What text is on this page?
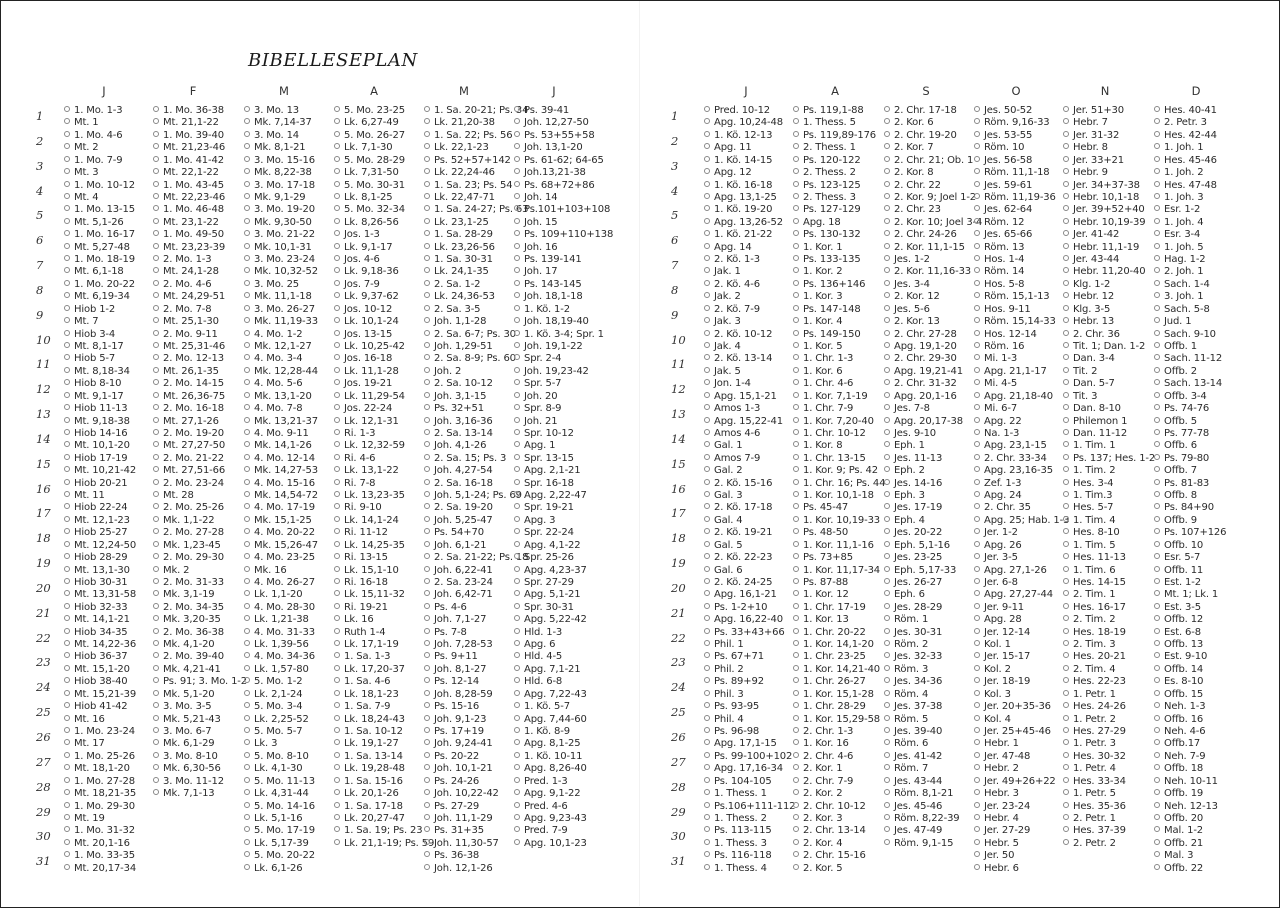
BIBELLESEPLAN
1
2
3
4
5
6
7
8
9
10
11
12
13
14
15
16
17
18
19
20
21
22
23
24
25
26
27
28
29
30
31
J
1. Mo. 1-3
Mt. 1
1. Mo. 4-6
Mt. 2
1. Mo. 7-9
Mt. 3
1. Mo. 10-12
Mt. 4
1. Mo. 13-15
Mt. 5,1-26
1. Mo. 16-17
Mt. 5,27-48
1. Mo. 18-19
Mt. 6,1-18
1. Mo. 20-22
Mt. 6,19-34
Hiob 1-2
Mt. 7
Hiob 3-4
Mt. 8,1-17
Hiob 5-7
Mt. 8,18-34
Hiob 8-10
Mt. 9,1-17
Hiob 11-13
Mt. 9,18-38
Hiob 14-16
Mt. 10,1-20
Hiob 17-19
Mt. 10,21-42
Hiob 20-21
Mt. 11
Hiob 22-24
Mt. 12,1-23
Hiob 25-27
Mt. 12,24-50
Hiob 28-29
Mt. 13,1-30
Hiob 30-31
Mt. 13,31-58
Hiob 32-33
Mt. 14,1-21
Hiob 34-35
Mt. 14,22-36
Hiob 36-37
Mt. 15,1-20
Hiob 38-40
Mt. 15,21-39
Hiob 41-42
Mt. 16
1. Mo. 23-24
Mt. 17
1. Mo. 25-26
Mt. 18,1-20
1. Mo. 27-28
Mt. 18,21-35
1. Mo. 29-30
Mt. 19
1. Mo. 31-32
Mt. 20,1-16
1. Mo. 33-35
Mt. 20,17-34
F
1. Mo. 36-38
Mt. 21,1-22
1. Mo. 39-40
Mt. 21,23-46
1. Mo. 41-42
Mt. 22,1-22
1. Mo. 43-45
Mt. 22,23-46
1. Mo. 46-48
Mt. 23,1-22
1. Mo. 49-50
Mt. 23,23-39
2. Mo. 1-3
Mt. 24,1-28
2. Mo. 4-6
Mt. 24,29-51
2. Mo. 7-8
Mt. 25,1-30
2. Mo. 9-11
Mt. 25,31-46
2. Mo. 12-13
Mt. 26,1-35
2. Mo. 14-15
Mt. 26,36-75
2. Mo. 16-18
Mt. 27,1-26
2. Mo. 19-20
Mt. 27,27-50
2. Mo. 21-22
Mt. 27,51-66
2. Mo. 23-24
Mt. 28
2. Mo. 25-26
Mk. 1,1-22
2. Mo. 27-28
Mk. 1,23-45
2. Mo. 29-30
Mk. 2
2. Mo. 31-33
Mk. 3,1-19
2. Mo. 34-35
Mk. 3,20-35
2. Mo. 36-38
Mk. 4,1-20
2. Mo. 39-40
Mk. 4,21-41
Ps. 91; 3. Mo. 1-2
Mk. 5,1-20
3. Mo. 3-5
Mk. 5,21-43
3. Mo. 6-7
Mk. 6,1-29
3. Mo. 8-10
Mk. 6,30-56
3. Mo. 11-12
Mk. 7,1-13
M
3. Mo. 13
Mk. 7,14-37
3. Mo. 14
Mk. 8,1-21
3. Mo. 15-16
Mk. 8,22-38
3. Mo. 17-18
Mk. 9,1-29
3. Mo. 19-20
Mk. 9,30-50
3. Mo. 21-22
Mk. 10,1-31
3. Mo. 23-24
Mk. 10,32-52
3. Mo. 25
Mk. 11,1-18
3. Mo. 26-27
Mk. 11,19-33
4. Mo. 1-2
Mk. 12,1-27
4. Mo. 3-4
Mk. 12,28-44
4. Mo. 5-6
Mk. 13,1-20
4. Mo. 7-8
Mk. 13,21-37
4. Mo. 9-11
Mk. 14,1-26
4. Mo. 12-14
Mk. 14,27-53
4. Mo. 15-16
Mk. 14,54-72
4. Mo. 17-19
Mk. 15,1-25
4. Mo. 20-22
Mk. 15,26-47
4. Mo. 23-25
Mk. 16
4. Mo. 26-27
Lk. 1,1-20
4. Mo. 28-30
Lk. 1,21-38
4. Mo. 31-33
Lk. 1,39-56
4. Mo. 34-36
Lk. 1,57-80
5. Mo. 1-2
Lk. 2,1-24
5. Mo. 3-4
Lk. 2,25-52
5. Mo. 5-7
Lk. 3
5. Mo. 8-10
Lk. 4,1-30
5. Mo. 11-13
Lk. 4,31-44
5. Mo. 14-16
Lk. 5,1-16
5. Mo. 17-19
Lk. 5,17-39
5. Mo. 20-22
Lk. 6,1-26
A
5. Mo. 23-25
Lk. 6,27-49
5. Mo. 26-27
Lk. 7,1-30
5. Mo. 28-29
Lk. 7,31-50
5. Mo. 30-31
Lk. 8,1-25
5. Mo. 32-34
Lk. 8,26-56
Jos. 1-3
Lk. 9,1-17
Jos. 4-6
Lk. 9,18-36
Jos. 7-9
Lk. 9,37-62
Jos. 10-12
Lk. 10,1-24
Jos. 13-15
Lk. 10,25-42
Jos. 16-18
Lk. 11,1-28
Jos. 19-21
Lk. 11,29-54
Jos. 22-24
Lk. 12,1-31
Ri. 1-3
Lk. 12,32-59
Ri. 4-6
Lk. 13,1-22
Ri. 7-8
Lk. 13,23-35
Ri. 9-10
Lk. 14,1-24
Ri. 11-12
Lk. 14,25-35
Ri. 13-15
Lk. 15,1-10
Ri. 16-18
Lk. 15,11-32
Ri. 19-21
Lk. 16
Ruth 1-4
Lk. 17,1-19
1. Sa. 1-3
Lk. 17,20-37
1. Sa. 4-6
Lk. 18,1-23
1. Sa. 7-9
Lk. 18,24-43
1. Sa. 10-12
Lk. 19,1-27
1. Sa. 13-14
Lk. 19,28-48
1. Sa. 15-16
Lk. 20,1-26
1. Sa. 17-18
Lk. 20,27-47
1. Sa. 19; Ps. 23
Lk. 21,1-19; Ps. 59
M
1. Sa. 20-21; Ps. 34
Lk. 21,20-38
1. Sa. 22; Ps. 56
Lk. 22,1-23
Ps. 52+57+142
Lk. 22,24-46
1. Sa. 23; Ps. 54
Lk. 22,47-71
1. Sa. 24-27; Ps. 63
Lk. 23,1-25
1. Sa. 28-29
Lk. 23,26-56
1. Sa. 30-31
Lk. 24,1-35
2. Sa. 1-2
Lk. 24,36-53
2. Sa. 3-5
Joh. 1,1-28
2. Sa. 6-7; Ps. 30
Joh. 1,29-51
2. Sa. 8-9; Ps. 60
Joh. 2
2. Sa. 10-12
Joh. 3,1-15
Ps. 32+51
Joh. 3,16-36
2. Sa. 13-14
Joh. 4,1-26
2. Sa. 15; Ps. 3
Joh. 4,27-54
2. Sa. 16-18
Joh. 5,1-24; Ps. 69
2. Sa. 19-20
Joh. 5,25-47
Ps. 54+70
Joh. 6,1-21
2. Sa. 21-22; Ps. 18
Joh. 6,22-41
2. Sa. 23-24
Joh. 6,42-71
Ps. 4-6
Joh. 7,1-27
Ps. 7-8
Joh. 7,28-53
Ps. 9+11
Joh. 8,1-27
Ps. 12-14
Joh. 8,28-59
Ps. 15-16
Joh. 9,1-23
Ps. 17+19
Joh. 9,24-41
Ps. 20-22
Joh. 10,1-21
Ps. 24-26
Joh. 10,22-42
Ps. 27-29
Joh. 11,1-29
Ps. 31+35
Joh. 11,30-57
Ps. 36-38
Joh. 12,1-26
J
Ps. 39-41
Joh. 12,27-50
Ps. 53+55+58
Joh. 13,1-20
Ps. 61-62; 64-65
Joh.13,21-38
Ps. 68+72+86
Joh. 14
Ps.101+103+108
Joh. 15
Ps. 109+110+138
Joh. 16
Ps. 139-141
Joh. 17
Ps. 143-145
Joh. 18,1-18
1. Kö. 1-2
Joh. 18,19-40
1. Kö. 3-4; Spr. 1
Joh. 19,1-22
Spr. 2-4
Joh. 19,23-42
Spr. 5-7
Joh. 20
Spr. 8-9
Joh. 21
Spr. 10-12
Apg. 1
Spr. 13-15
Apg. 2,1-21
Spr. 16-18
Apg. 2,22-47
Spr. 19-21
Apg. 3
Spr. 22-24
Apg. 4,1-22
Spr. 25-26
Apg. 4,23-37
Spr. 27-29
Apg. 5,1-21
Spr. 30-31
Apg. 5,22-42
Hld. 1-3
Apg. 6
Hld. 4-5
Apg. 7,1-21
Hld. 6-8
Apg. 7,22-43
1. Kö. 5-7
Apg. 7,44-60
1. Kö. 8-9
Apg. 8,1-25
1. Kö. 10-11
Apg. 8,26-40
Pred. 1-3
Apg. 9,1-22
Pred. 4-6
Apg. 9,23-43
Pred. 7-9
Apg. 10,1-23
1
2
3
4
5
6
7
8
9
10
11
12
13
14
15
16
17
18
19
20
21
22
23
24
25
26
27
28
29
30
31
J
Pred. 10-12
Apg. 10,24-48
1. Kö. 12-13
Apg. 11
1. Kö. 14-15
Apg. 12
1. Kö. 16-18
Apg. 13,1-25
1. Kö. 19-20
Apg. 13,26-52
1. Kö. 21-22
Apg. 14
2. Kö. 1-3
Jak. 1
2. Kö. 4-6
Jak. 2
2. Kö. 7-9
Jak. 3
2. Kö. 10-12
Jak. 4
2. Kö. 13-14
Jak. 5
Jon. 1-4
Apg. 15,1-21
Amos 1-3
Apg. 15,22-41
Amos 4-6
Gal. 1
Amos 7-9
Gal. 2
2. Kö. 15-16
Gal. 3
2. Kö. 17-18
Gal. 4
2. Kö. 19-21
Gal. 5
2. Kö. 22-23
Gal. 6
2. Kö. 24-25
Apg. 16,1-21
Ps. 1-2+10
Apg. 16,22-40
Ps. 33+43+66
Phil. 1
Ps. 67+71
Phil. 2
Ps. 89+92
Phil. 3
Ps. 93-95
Phil. 4
Ps. 96-98
Apg. 17,1-15
Ps. 99-100+102
Apg. 17,16-34
Ps. 104-105
1. Thess. 1
Ps.106+111-112
1. Thess. 2
Ps. 113-115
1. Thess. 3
Ps. 116-118
1. Thess. 4
A
Ps. 119,1-88
1. Thess. 5
Ps. 119,89-176
2. Thess. 1
Ps. 120-122
2. Thess. 2
Ps. 123-125
2. Thess. 3
Ps. 127-129
Apg. 18
Ps. 130-132
1. Kor. 1
Ps. 133-135
1. Kor. 2
Ps. 136+146
1. Kor. 3
Ps. 147-148
1. Kor. 4
Ps. 149-150
1. Kor. 5
1. Chr. 1-3
1. Kor. 6
1. Chr. 4-6
1. Kor. 7,1-19
1. Chr. 7-9
1. Kor. 7,20-40
1. Chr. 10-12
1. Kor. 8
1. Chr. 13-15
1. Kor. 9; Ps. 42
1. Chr. 16; Ps. 44
1. Kor. 10,1-18
Ps. 45-47
1. Kor. 10,19-33
Ps. 48-50
1. Kor. 11,1-16
Ps. 73+85
1. Kor. 11,17-34
Ps. 87-88
1. Kor. 12
1. Chr. 17-19
1. Kor. 13
1. Chr. 20-22
1. Kor. 14,1-20
1. Chr. 23-25
1. Kor. 14,21-40
1. Chr. 26-27
1. Kor. 15,1-28
1. Chr. 28-29
1. Kor. 15,29-58
2. Chr. 1-3
1. Kor. 16
2. Chr. 4-6
2. Kor. 1
2. Chr. 7-9
2. Kor. 2
2. Chr. 10-12
2. Kor. 3
2. Chr. 13-14
2. Kor. 4
2. Chr. 15-16
2. Kor. 5
S
2. Chr. 17-18
2. Kor. 6
2. Chr. 19-20
2. Kor. 7
2. Chr. 21; Ob. 1
2. Kor. 8
2. Chr. 22
2. Kor. 9; Joel 1-2
2. Chr. 23
2. Kor. 10; Joel 3-4
2. Chr. 24-26
2. Kor. 11,1-15
Jes. 1-2
2. Kor. 11,16-33
Jes. 3-4
2. Kor. 12
Jes. 5-6
2. Kor. 13
2. Chr. 27-28
Apg. 19,1-20
2. Chr. 29-30
Apg. 19,21-41
2. Chr. 31-32
Apg. 20,1-16
Jes. 7-8
Apg. 20,17-38
Jes. 9-10
Eph. 1
Jes. 11-13
Eph. 2
Jes. 14-16
Eph. 3
Jes. 17-19
Eph. 4
Jes. 20-22
Eph. 5,1-16
Jes. 23-25
Eph. 5,17-33
Jes. 26-27
Eph. 6
Jes. 28-29
Röm. 1
Jes. 30-31
Röm. 2
Jes. 32-33
Röm. 3
Jes. 34-36
Röm. 4
Jes. 37-38
Röm. 5
Jes. 39-40
Röm. 6
Jes. 41-42
Röm. 7
Jes. 43-44
Röm. 8,1-21
Jes. 45-46
Röm. 8,22-39
Jes. 47-49
Röm. 9,1-15
O
Jes. 50-52
Röm. 9,16-33
Jes. 53-55
Röm. 10
Jes. 56-58
Röm. 11,1-18
Jes. 59-61
Röm. 11,19-36
Jes. 62-64
Röm. 12
Jes. 65-66
Röm. 13
Hos. 1-4
Röm. 14
Hos. 5-8
Röm. 15,1-13
Hos. 9-11
Röm. 15,14-33
Hos. 12-14
Röm. 16
Mi. 1-3
Apg. 21,1-17
Mi. 4-5
Apg. 21,18-40
Mi. 6-7
Apg. 22
Na. 1-3
Apg. 23,1-15
2. Chr. 33-34
Apg. 23,16-35
Zef. 1-3
Apg. 24
2. Chr. 35
Apg. 25; Hab. 1-3
Jer. 1-2
Apg. 26
Jer. 3-5
Apg. 27,1-26
Jer. 6-8
Apg. 27,27-44
Jer. 9-11
Apg. 28
Jer. 12-14
Kol. 1
Jer. 15-17
Kol. 2
Jer. 18-19
Kol. 3
Jer. 20+35-36
Kol. 4
Jer. 25+45-46
Hebr. 1
Jer. 47-48
Hebr. 2
Jer. 49+26+22
Hebr. 3
Jer. 23-24
Hebr. 4
Jer. 27-29
Hebr. 5
Jer. 50
Hebr. 6
N
Jer. 51+30
Hebr. 7
Jer. 31-32
Hebr. 8
Jer. 33+21
Hebr. 9
Jer. 34+37-38
Hebr. 10,1-18
Jer. 39+52+40
Hebr. 10,19-39
Jer. 41-42
Hebr. 11,1-19
Jer. 43-44
Hebr. 11,20-40
Klg. 1-2
Hebr. 12
Klg. 3-5
Hebr. 13
2. Chr. 36
Tit. 1; Dan. 1-2
Dan. 3-4
Tit. 2
Dan. 5-7
Tit. 3
Dan. 8-10
Philemon 1
Dan. 11-12
1. Tim. 1
Ps. 137; Hes. 1-2
1. Tim. 2
Hes. 3-4
1. Tim.3
Hes. 5-7
1. Tim. 4
Hes. 8-10
1. Tim. 5
Hes. 11-13
1. Tim. 6
Hes. 14-15
2. Tim. 1
Hes. 16-17
2. Tim. 2
Hes. 18-19
2. Tim. 3
Hes. 20-21
2. Tim. 4
Hes. 22-23
1. Petr. 1
Hes. 24-26
1. Petr. 2
Hes. 27-29
1. Petr. 3
Hes. 30-32
1. Petr. 4
Hes. 33-34
1. Petr. 5
Hes. 35-36
2. Petr. 1
Hes. 37-39
2. Petr. 2
D
Hes. 40-41
2. Petr. 3
Hes. 42-44
1. Joh. 1
Hes. 45-46
1. Joh. 2
Hes. 47-48
1. Joh. 3
Esr. 1-2
1. Joh. 4
Esr. 3-4
1. Joh. 5
Hag. 1-2
2. Joh. 1
Sach. 1-4
3. Joh. 1
Sach. 5-8
Jud. 1
Sach. 9-10
Offb. 1
Sach. 11-12
Offb. 2
Sach. 13-14
Offb. 3-4
Ps. 74-76
Offb. 5
Ps. 77-78
Offb. 6
Ps. 79-80
Offb. 7
Ps. 81-83
Offb. 8
Ps. 84+90
Offb. 9
Ps. 107+126
Offb. 10
Esr. 5-7
Offb. 11
Est. 1-2
Mt. 1; Lk. 1
Est. 3-5
Offb. 12
Est. 6-8
Offb. 13
Est. 9-10
Offb. 14
Es. 8-10
Offb. 15
Neh. 1-3
Offb. 16
Neh. 4-6
Offb.17
Neh. 7-9
Offb. 18
Neh. 10-11
Offb. 19
Neh. 12-13
Offb. 20
Mal. 1-2
Offb. 21
Mal. 3
Offb. 22
